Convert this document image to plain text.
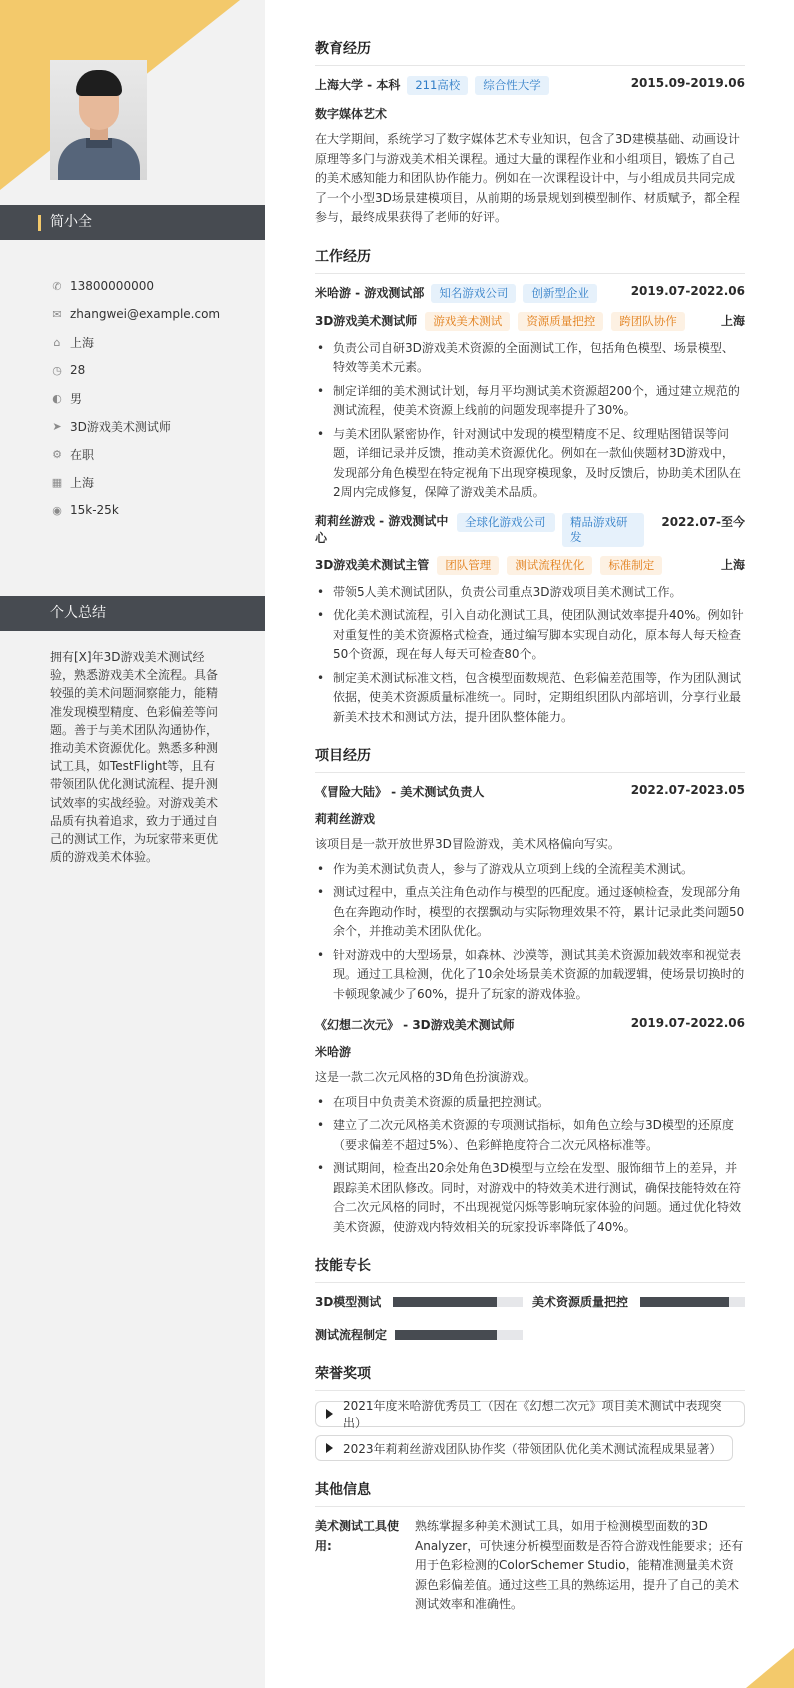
简小全
✆ 13800000000
✉ zhangwei@example.com
⌂ 上海
◷ 28
◐ 男
➤ 3D游戏美术测试师
⚙ 在职
▦ 上海
◉ 15k-25k
个人总结
拥有[X]年3D游戏美术测试经验，熟悉游戏美术全流程。具备较强的美术问题洞察能力，能精准发现模型精度、色彩偏差等问题。善于与美术团队沟通协作，推动美术资源优化。熟悉多种测试工具，如TestFlight等，且有带领团队优化测试流程、提升测试效率的实战经验。对游戏美术品质有执着追求，致力于通过自己的测试工作，为玩家带来更优质的游戏美术体验。
教育经历
上海大学 - 本科	211高校	综合性大学	2015.09-2019.06
数字媒体艺术
在大学期间，系统学习了数字媒体艺术专业知识，包含了3D建模基础、动画设计原理等多门与游戏美术相关课程。通过大量的课程作业和小组项目，锻炼了自己的美术感知能力和团队协作能力。例如在一次课程设计中，与小组成员共同完成了一个小型3D场景建模项目，从前期的场景规划到模型制作、材质赋予，都全程参与，最终成果获得了老师的好评。
工作经历
米哈游 - 游戏测试部	知名游戏公司	创新型企业	2019.07-2022.06
3D游戏美术测试师	游戏美术测试	资源质量把控	跨团队协作	上海
• 负责公司自研3D游戏美术资源的全面测试工作，包括角色模型、场景模型、特效等美术元素。
• 制定详细的美术测试计划，每月平均测试美术资源超200个，通过建立规范的测试流程，使美术资源上线前的问题发现率提升了30%。
• 与美术团队紧密协作，针对测试中发现的模型精度不足、纹理贴图错误等问题，详细记录并反馈，推动美术资源优化。例如在一款仙侠题材3D游戏中，发现部分角色模型在特定视角下出现穿模现象，及时反馈后，协助美术团队在2周内完成修复，保障了游戏美术品质。
莉莉丝游戏 - 游戏测试中心
全球化游戏公司	精品游戏研发
2022.07-至今
3D游戏美术测试主管	团队管理	测试流程优化	标准制定	上海
• 带领5人美术测试团队，负责公司重点3D游戏项目美术测试工作。
• 优化美术测试流程，引入自动化测试工具，使团队测试效率提升40%。例如针对重复性的美术资源格式检查，通过编写脚本实现自动化，原本每人每天检查50个资源，现在每人每天可检查80个。
• 制定美术测试标准文档，包含模型面数规范、色彩偏差范围等，作为团队测试依据，使美术资源质量标准统一。同时，定期组织团队内部培训，分享行业最新美术技术和测试方法，提升团队整体能力。
项目经历
《冒险大陆》 - 美术测试负责人	2022.07-2023.05
莉莉丝游戏
该项目是一款开放世界3D冒险游戏，美术风格偏向写实。
• 作为美术测试负责人，参与了游戏从立项到上线的全流程美术测试。
• 测试过程中，重点关注角色动作与模型的匹配度。通过逐帧检查，发现部分角色在奔跑动作时，模型的衣摆飘动与实际物理效果不符，累计记录此类问题50余个，并推动美术团队优化。
• 针对游戏中的大型场景，如森林、沙漠等，测试其美术资源加载效率和视觉表现。通过工具检测，优化了10余处场景美术资源的加载逻辑，使场景切换时的卡顿现象减少了60%，提升了玩家的游戏体验。
《幻想二次元》 - 3D游戏美术测试师	2019.07-2022.06
米哈游
这是一款二次元风格的3D角色扮演游戏。
• 在项目中负责美术资源的质量把控测试。
• 建立了二次元风格美术资源的专项测试指标，如角色立绘与3D模型的还原度（要求偏差不超过5%）、色彩鲜艳度符合二次元风格标准等。
• 测试期间，检查出20余处角色3D模型与立绘在发型、服饰细节上的差异，并跟踪美术团队修改。同时，对游戏中的特效美术进行测试，确保技能特效在符合二次元风格的同时，不出现视觉闪烁等影响玩家体验的问题。通过优化特效美术资源，使游戏内特效相关的玩家投诉率降低了40%。
技能专长
3D模型测试	美术资源质量把控
测试流程制定
荣誉奖项
2021年度米哈游优秀员工（因在《幻想二次元》项目美术测试中表现突出）
2023年莉莉丝游戏团队协作奖（带领团队优化美术测试流程成果显著）
其他信息
美术测试工具使用:
熟练掌握多种美术测试工具，如用于检测模型面数的3D Analyzer，可快速分析模型面数是否符合游戏性能要求；还有用于色彩检测的ColorSchemer Studio，能精准测量美术资源色彩偏差值。通过这些工具的熟练运用，提升了自己的美术测试效率和准确性。
